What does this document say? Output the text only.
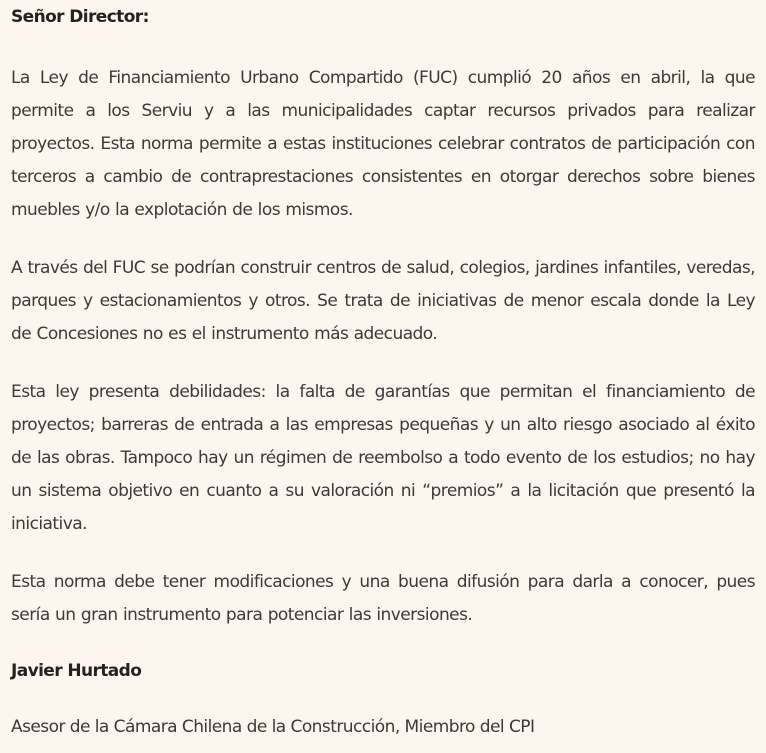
Señor Director:

La Ley de Financiamiento Urbano Compartido (FUC) cumplió 20 años en abril, la que permite a los Serviu y a las municipalidades captar recursos privados para realizar proyectos. Esta norma permite a estas instituciones celebrar contratos de participación con terceros a cambio de contraprestaciones consistentes en otorgar derechos sobre bienes muebles y/o la explotación de los mismos.

A través del FUC se podrían construir centros de salud, colegios, jardines infantiles, veredas, parques y estacionamientos y otros. Se trata de iniciativas de menor escala donde la Ley de Concesiones no es el instrumento más adecuado.

Esta ley presenta debilidades: la falta de garantías que permitan el financiamiento de proyectos; barreras de entrada a las empresas pequeñas y un alto riesgo asociado al éxito de las obras. Tampoco hay un régimen de reembolso a todo evento de los estudios; no hay un sistema objetivo en cuanto a su valoración ni “premios” a la licitación que presentó la iniciativa.

Esta norma debe tener modificaciones y una buena difusión para darla a conocer, pues sería un gran instrumento para potenciar las inversiones.

Javier Hurtado

Asesor de la Cámara Chilena de la Construcción, Miembro del CPI
